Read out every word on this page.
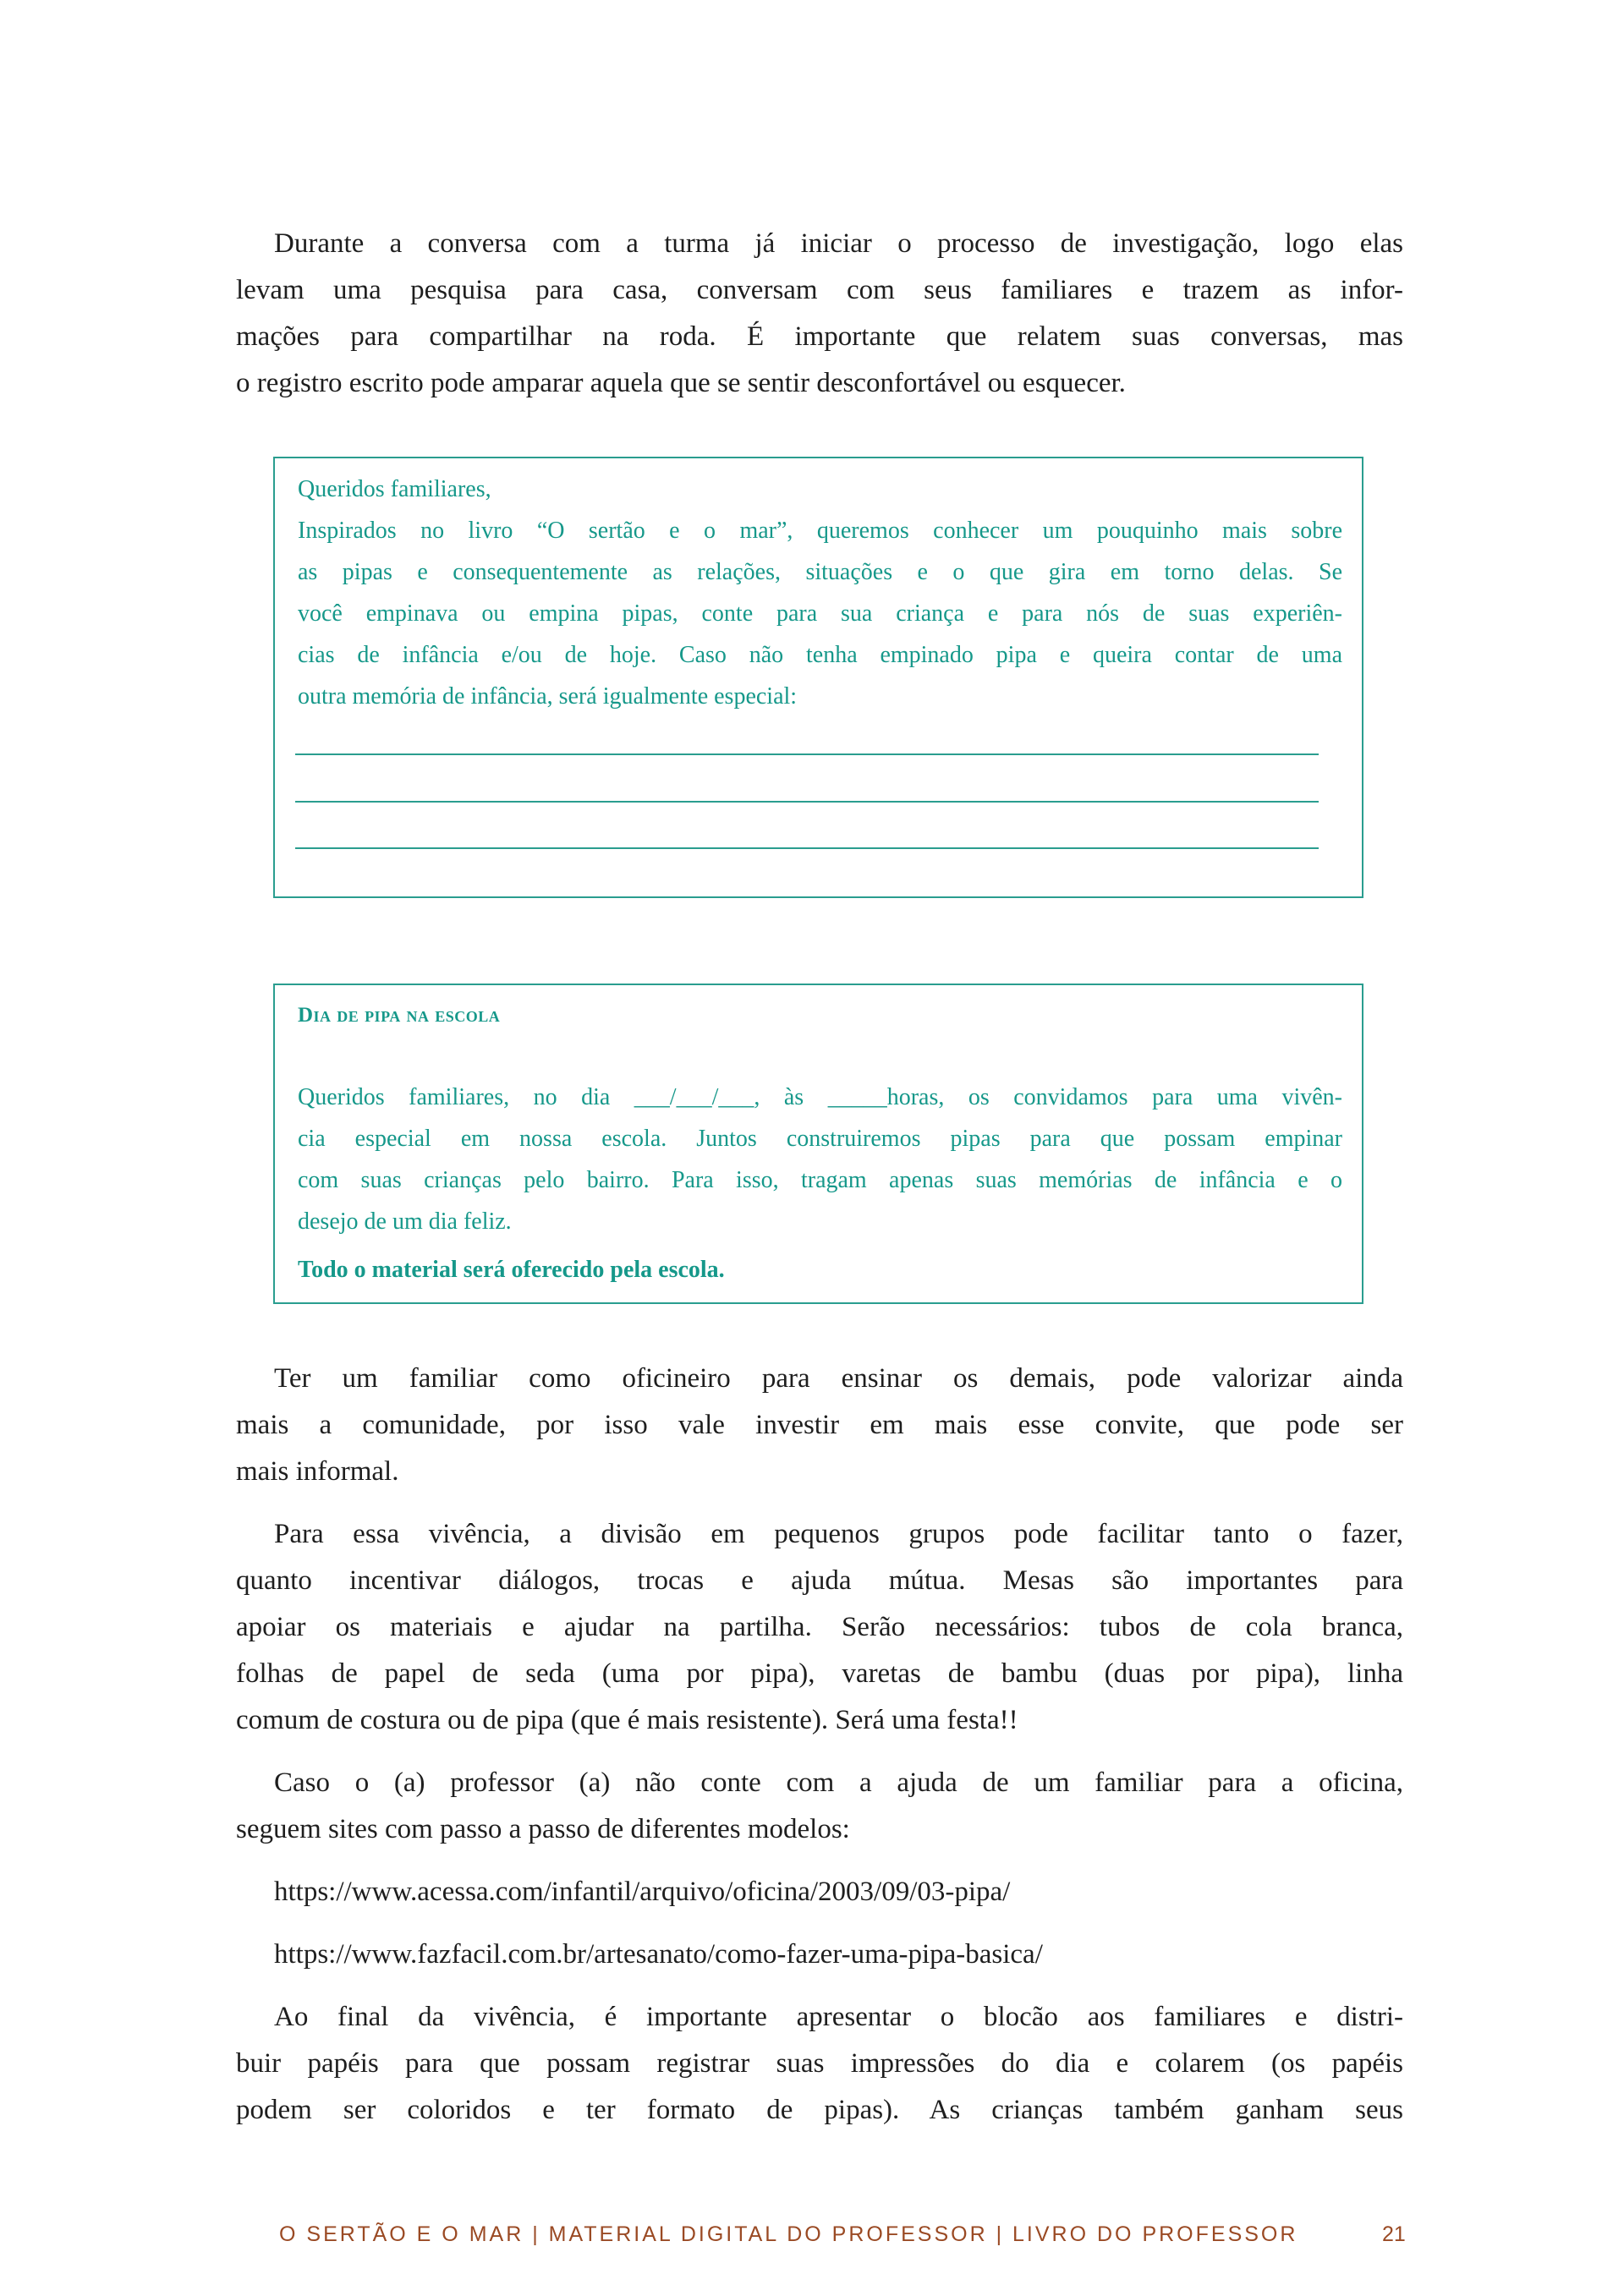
Durante a conversa com a turma já iniciar o processo de investigação, logo elas
levam uma pesquisa para casa, conversam com seus familiares e trazem as infor-
mações para compartilhar na roda. É importante que relatem suas conversas, mas
o registro escrito pode amparar aquela que se sentir desconfortável ou esquecer.
Queridos familiares,
Inspirados no livro “O sertão e o mar”, queremos conhecer um pouquinho mais sobre
as pipas e consequentemente as relações, situações e o que gira em torno delas. Se
você empinava ou empina pipas, conte para sua criança e para nós de suas experiên-
cias de infância e/ou de hoje. Caso não tenha empinado pipa e queira contar de uma
outra memória de infância, será igualmente especial:
Dia de pipa na escola
Queridos familiares, no dia ___/___/___, às _____horas, os convidamos para uma vivên-
cia especial em nossa escola. Juntos construiremos pipas para que possam empinar
com suas crianças pelo bairro. Para isso, tragam apenas suas memórias de infância e o
desejo de um dia feliz.
Todo o material será oferecido pela escola.
Ter um familiar como oficineiro para ensinar os demais, pode valorizar ainda
mais a comunidade, por isso vale investir em mais esse convite, que pode ser
mais informal.
Para essa vivência, a divisão em pequenos grupos pode facilitar tanto o fazer,
quanto incentivar diálogos, trocas e ajuda mútua. Mesas são importantes para
apoiar os materiais e ajudar na partilha. Serão necessários: tubos de cola branca,
folhas de papel de seda (uma por pipa), varetas de bambu (duas por pipa), linha
comum de costura ou de pipa (que é mais resistente). Será uma festa!!
Caso o (a) professor (a) não conte com a ajuda de um familiar para a oficina,
seguem sites com passo a passo de diferentes modelos:
https://www.acessa.com/infantil/arquivo/oficina/2003/09/03-pipa/
https://www.fazfacil.com.br/artesanato/como-fazer-uma-pipa-basica/
Ao final da vivência, é importante apresentar o blocão aos familiares e distri-
buir papéis para que possam registrar suas impressões do dia e colarem (os papéis
podem ser coloridos e ter formato de pipas). As crianças também ganham seus
O SERTÃO E O MAR | MATERIAL DIGITAL DO PROFESSOR | LIVRO DO PROFESSOR	21
